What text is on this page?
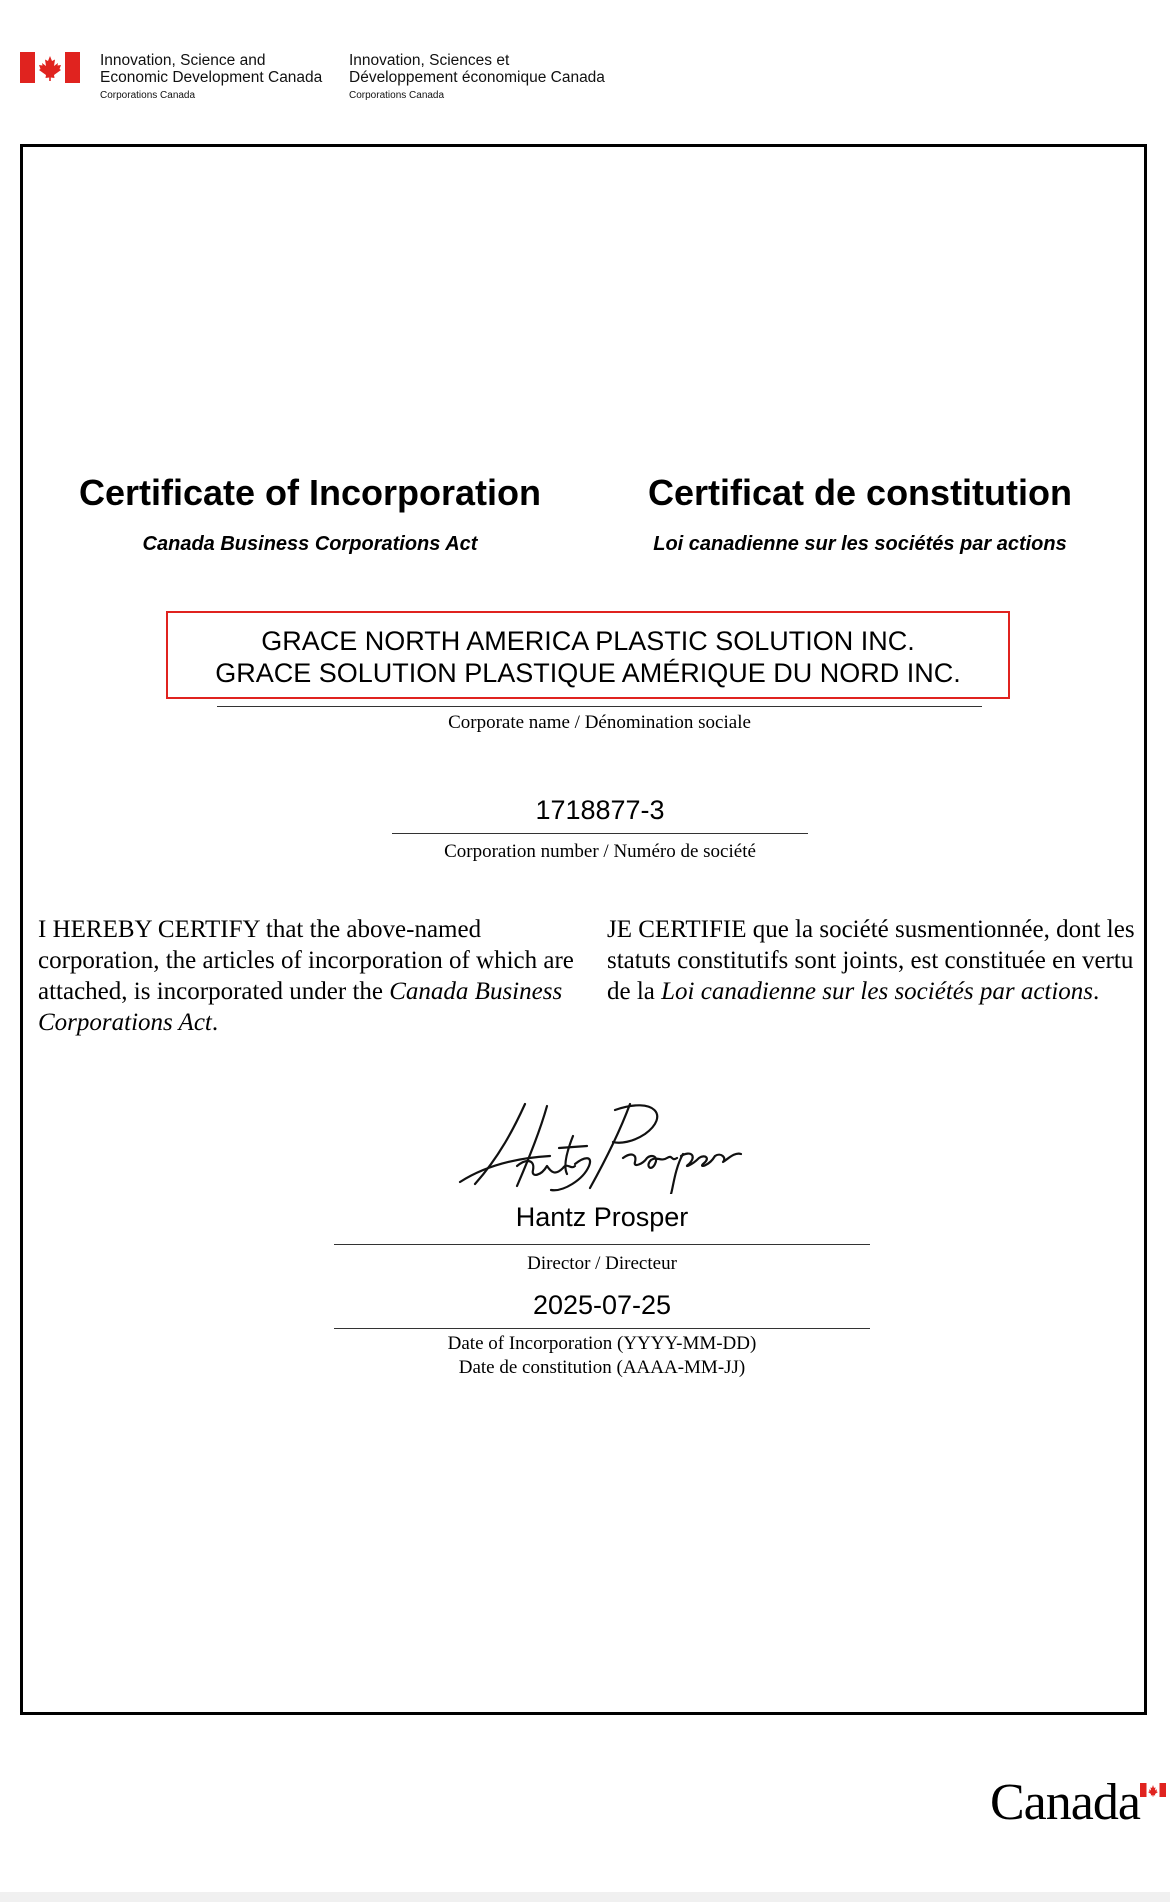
Innovation, Science and
Economic Development Canada
Corporations Canada
Innovation, Sciences et
Développement économique Canada
Corporations Canada
Certificate of Incorporation	Certificat de constitution
Canada Business Corporations Act	Loi canadienne sur les sociétés par actions
GRACE NORTH AMERICA PLASTIC SOLUTION INC.
GRACE SOLUTION PLASTIQUE AMÉRIQUE DU NORD INC.
Corporate name / Dénomination sociale
1718877-3
Corporation number / Numéro de société
I HEREBY CERTIFY that the above-named corporation, the articles of incorporation of which are attached, is incorporated under the Canada Business Corporations Act.
JE CERTIFIE que la société susmentionnée, dont les statuts constitutifs sont joints, est constituée en vertu de la Loi canadienne sur les sociétés par actions.
Hantz Prosper
Director / Directeur
2025-07-25
Date of Incorporation (YYYY-MM-DD)
Date de constitution (AAAA-MM-JJ)
Canada
